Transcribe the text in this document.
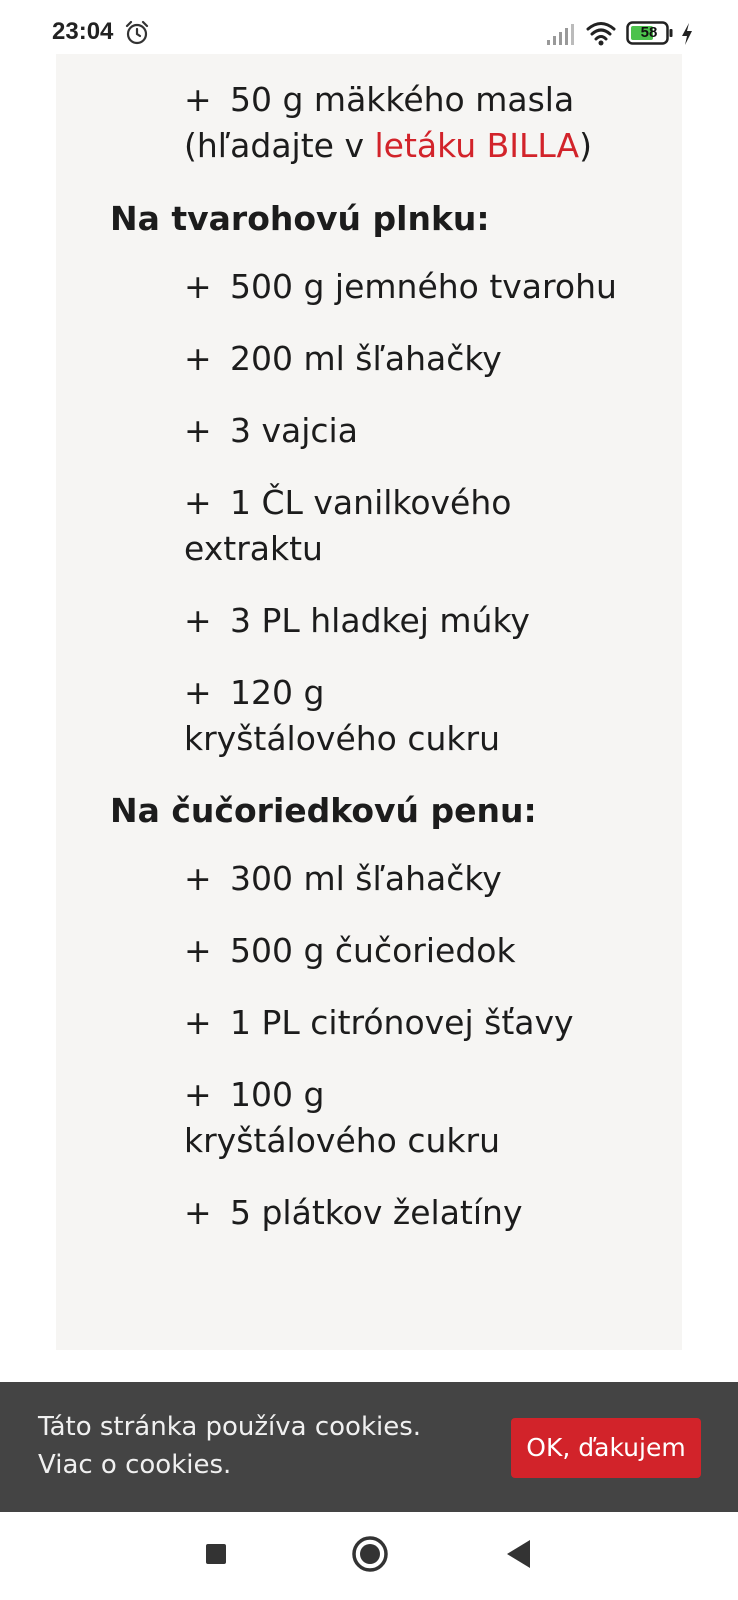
23:04	58
+ 50 g mäkkého masla
(hľadajte v letáku BILLA)
Na tvarohovú plnku:
+ 500 g jemného tvarohu
+ 200 ml šľahačky
+ 3 vajcia
+ 1 ČL vanilkového extraktu
+ 3 PL hladkej múky
+ 120 g kryštálového cukru
Na čučoriedkovú penu:
+ 300 ml šľahačky
+ 500 g čučoriedok
+ 1 PL citrónovej šťavy
+ 100 g kryštálového cukru
+ 5 plátkov želatíny
Táto stránka používa cookies.
Viac o cookies.
OK, ďakujem
